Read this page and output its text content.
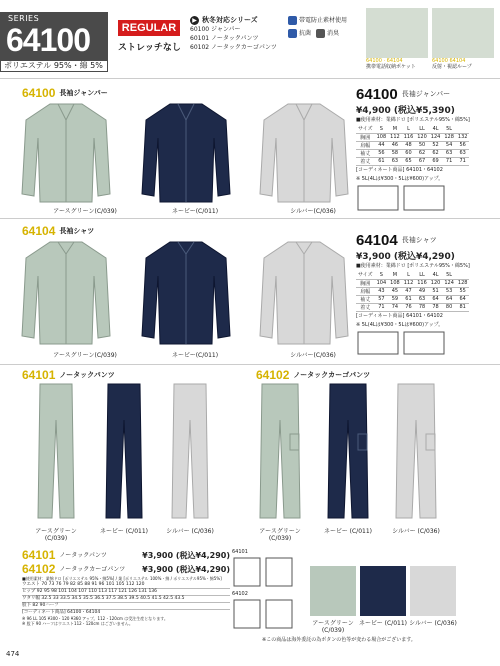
SERIES
64100
ポリエステル 95%・綿 5%
REGULAR
ストレッチなし
▶ 秋冬対応シリーズ
60100 ジャンパー
60101 ノータックパンツ
60102 ノータックカーゴパンツ
帯電防止素材使用
抗菌	消臭
64100 · 64104
携帯電話収納ポケット
64100 64104
反射・視認ループ
64100 長袖ジャンパー
アースグリーン(C/039)	ネービー(C/011)	シルバー(C/036)
64100 長袖ジャンパー
¥4,900 (税込¥5,390)
■使用素材：業綿ドロ [ポリエステル95%・綿5%]
サイズ	S	M	L	LL	4L	5L	
胸囲	108	112	116	120	124	128	132
肩幅	44	46	48	50	52	54	56
袖丈	56	58	60	62	62	63	63
着丈	61	63	65	67	69	71	71
[コーディネート商品] 64101・64102
※ 5L(4Lは¥300・5Lは¥600)アップ。
64104 長袖シャツ
アースグリーン(C/039)	ネービー(C/011)	シルバー(C/036)
64104 長袖シャツ
¥3,900 (税込¥4,290)
■使用素材：業綿ドロ [ポリエステル95%・綿5%]
サイズ	S	M	L	LL	4L	5L	
胸囲	104	108	112	116	120	124	128
肩幅	43	45	47	49	51	53	55
袖丈	57	59	61	63	64	64	64
着丈	71	74	76	78	78	80	81
[コーディネート商品] 64101・64102
※ 5L(4Lは¥300・5Lは¥600)アップ。
64101 ノータックパンツ	64102 ノータックカーゴパンツ
アースグリーン (C/039)
ネービー (C/011)	シルバー (C/036)	アースグリーン (C/039)
ネービー (C/011)	シルバー (C/036)
64101 ノータックパンツ	¥3,900 (税込¥4,290)
64102 ノータックカーゴパンツ ¥3,900 (税込¥4,290)
■使用素材：業綿ドロ [ポリエステル 95%・綿5%] / 業 [ポリエステル 100%・綿 / ポリエステル95%・綿5%]
ウエスト 70 73 76 79 82 85 88 91 96 101 105 112 120
ヒップ 92 95 98 101 104 107 110 113 117 121 126 131 136
ワタリ幅 32.5 33 33.5 34.5 35.5 36.5 37.5 38.5 39.5 40.5 41.5 42.5 43.5
股下 82 90ハーフ
[コーディネート商品] 64100・64104
※ 96 LL 105 ¥300・120 ¥360 アップ。112・120cm は受注生産となります。
※ 股下 90 ハーフはウエスト112・120cm はございません。
64101
64102
アースグリーン (C/039)
ネービー (C/011) シルバー (C/036)
※この商品は海外委託の為ボタンの色等が変わる場合がございます。
474
